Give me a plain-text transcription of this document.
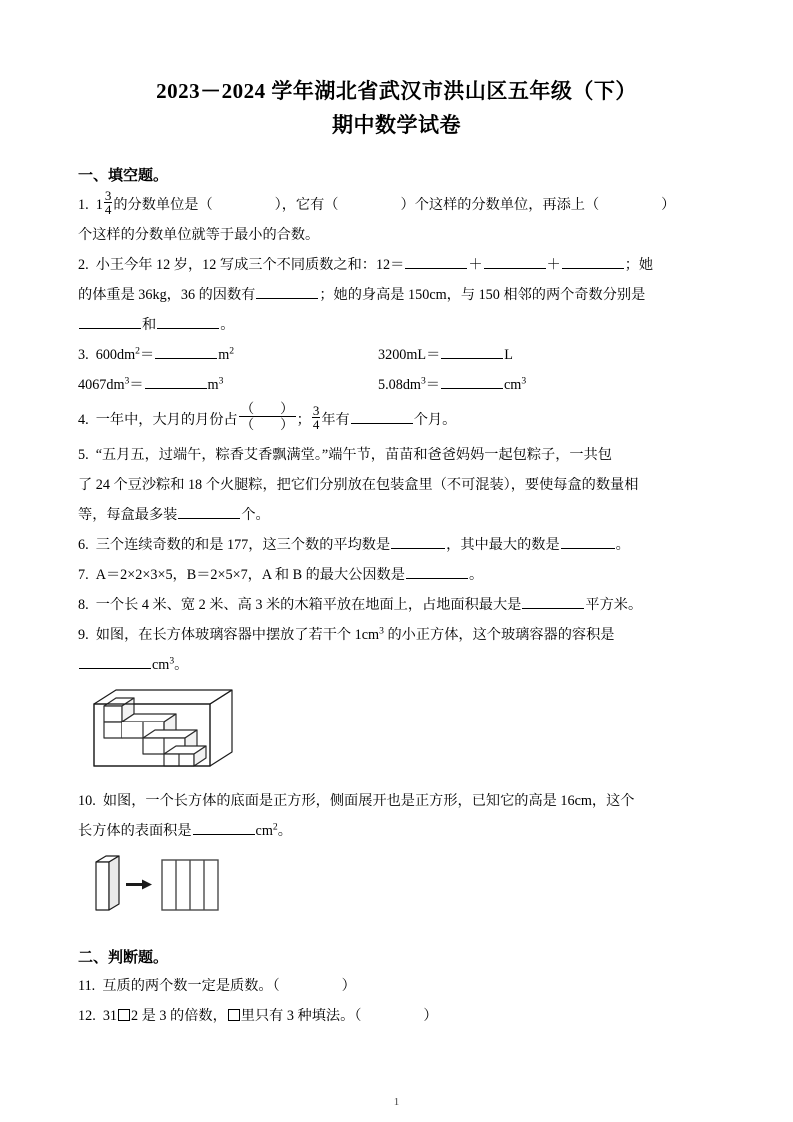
2023－2024 学年湖北省武汉市洪山区五年级（下）
期中数学试卷
一、填空题。
1. $1 \frac{3}{4}$ 的分数单位是（	），它有（	）个这样的分数单位，再添上（	）
个这样的分数单位就等于最小的合数。
2. 小王今年 12 岁，12 写成三个不同质数之和：12＝	＋	＋	；她
的体重是 36kg，36 的因数有	；她的身高是 150cm，与 150 相邻的两个奇数分别是
和	。
3. $600dm^2=$	$m^2$	3200mL＝	L
$4067dm^3=$	$m^3$	$5.08dm^3=$	$cm^3$
4. 一年中，大月的月份占 $\frac{( )}{( )}$ ； $\frac{3}{4}$ 年有	个月。
5. “五月五，过端午，粽香艾香飘满堂。”端午节，苗苗和爸爸妈妈一起包粽子，一共包
了 24 个豆沙粽和 18 个火腿粽，把它们分别放在包装盒里（不可混装），要使每盒的数量相
等，每盒最多装	个。
6. 三个连续奇数的和是 177，这三个数的平均数是	，其中最大的数是	。
7. A＝2×2×3×5，B＝2×5×7，A 和 B 的最大公因数是	。
8. 一个长 4 米、宽 2 米、高 3 米的木箱平放在地面上，占地面积最大是	平方米。
9. 如图，在长方体玻璃容器中摆放了若干个 $1cm^3$ 的小正方体，这个玻璃容器的容积是
$cm^3$。
10. 如图，一个长方体的底面是正方形，侧面展开也是正方形，已知它的高是 16cm，这个
长方体的表面积是	$cm^2$。
二、判断题。
11. 互质的两个数一定是质数。（	）
12. 31 2 是 3 的倍数， 里只有 3 种填法。（	）
1
